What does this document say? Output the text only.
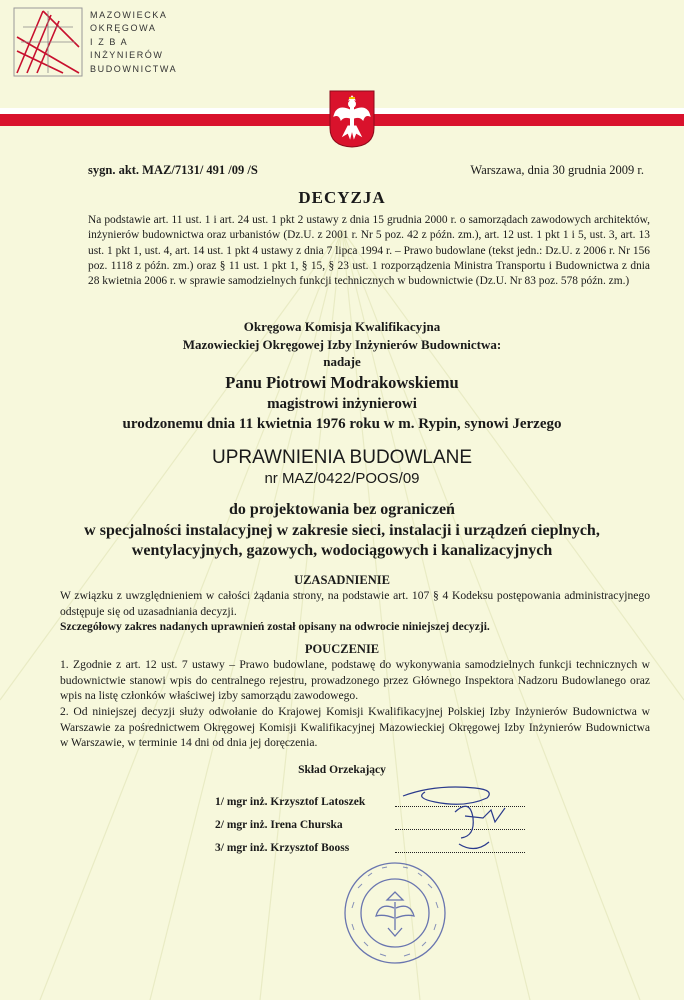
MAZOWIECKA
OKRĘGOWA
I Z B A
INŻYNIERÓW
BUDOWNICTWA
sygn. akt. MAZ/7131/ 491 /09 /S	Warszawa, dnia 30 grudnia 2009 r.
DECYZJA
Na podstawie art. 11 ust. 1 i art. 24 ust. 1 pkt 2 ustawy z dnia 15 grudnia 2000 r. o samorządach zawodowych architektów, inżynierów budownictwa oraz urbanistów (Dz.U. z 2001 r. Nr 5 poz. 42 z późn. zm.), art. 12 ust. 1 pkt 1 i 5, ust. 3, art. 13 ust. 1 pkt 1, ust. 4, art. 14 ust. 1 pkt 4 ustawy z dnia 7 lipca 1994 r. – Prawo budowlane (tekst jedn.: Dz.U. z 2006 r. Nr 156 poz. 1118 z późn. zm.) oraz § 11 ust. 1 pkt 1, § 15, § 23 ust. 1 rozporządzenia Ministra Transportu i Budownictwa z dnia 28 kwietnia 2006 r. w sprawie samodzielnych funkcji technicznych w budownictwie (Dz.U. Nr 83 poz. 578 późn. zm.)
Okręgowa Komisja Kwalifikacyjna
Mazowieckiej Okręgowej Izby Inżynierów Budownictwa:
nadaje
Panu Piotrowi Modrakowskiemu
magistrowi inżynierowi
urodzonemu dnia 11 kwietnia 1976 roku w m. Rypin, synowi Jerzego
UPRAWNIENIA BUDOWLANE
nr MAZ/0422/POOS/09
do projektowania bez ograniczeń
w specjalności instalacyjnej w zakresie sieci, instalacji i urządzeń cieplnych,
wentylacyjnych, gazowych, wodociągowych i kanalizacyjnych
UZASADNIENIE
W związku z uwzględnieniem w całości żądania strony, na podstawie art. 107 § 4 Kodeksu postępowania administracyjnego odstępuje się od uzasadniania decyzji.
Szczegółowy zakres nadanych uprawnień został opisany na odwrocie niniejszej decyzji.
POUCZENIE
1. Zgodnie z art. 12 ust. 7 ustawy – Prawo budowlane, podstawę do wykonywania samodzielnych funkcji technicznych w budownictwie stanowi wpis do centralnego rejestru, prowadzonego przez Głównego Inspektora Nadzoru Budowlanego oraz wpis na listę członków właściwej izby samorządu zawodowego.
2. Od niniejszej decyzji służy odwołanie do Krajowej Komisji Kwalifikacyjnej Polskiej Izby Inżynierów Budownictwa w Warszawie za pośrednictwem Okręgowej Komisji Kwalifikacyjnej Mazowieckiej Okręgowej Izby Inżynierów Budownictwa w Warszawie, w terminie 14 dni od dnia jej doręczenia.
Skład Orzekający
1/ mgr inż. Krzysztof Latoszek
2/ mgr inż. Irena Churska
3/ mgr inż. Krzysztof Booss
